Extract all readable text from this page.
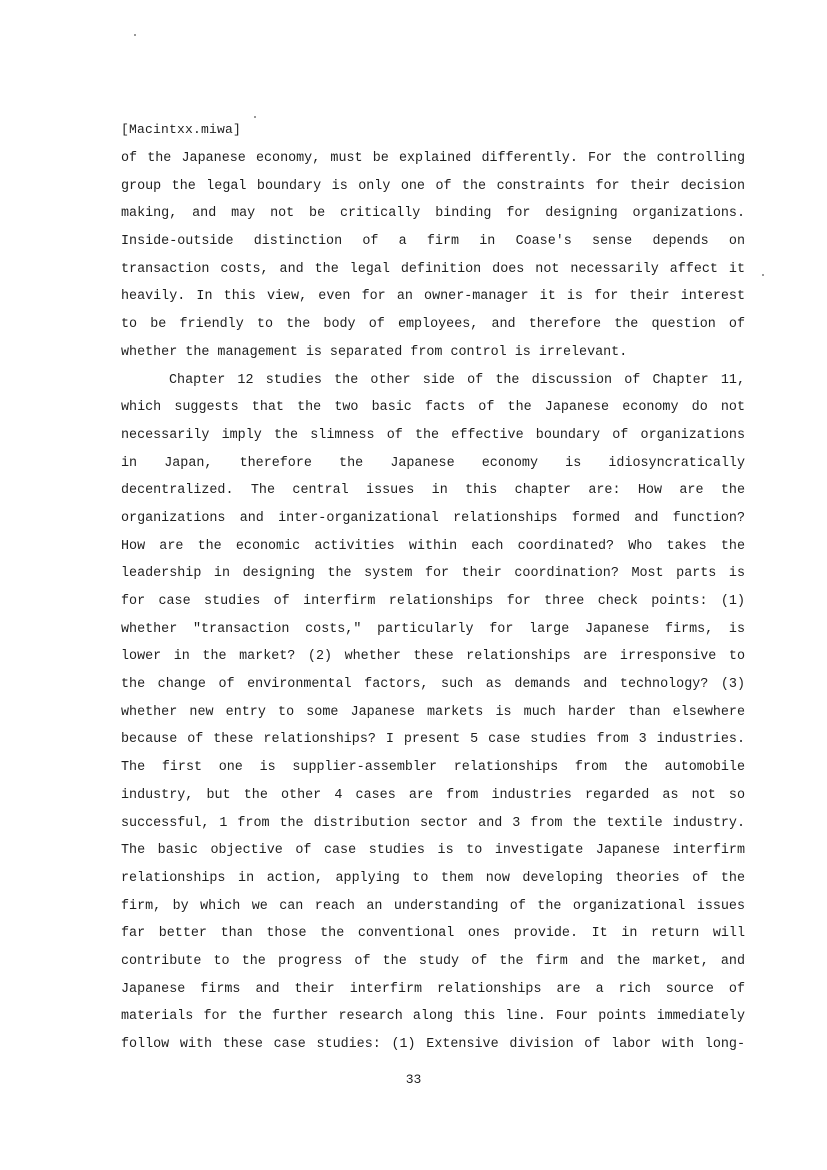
[Macintxx.miwa]
of the Japanese economy, must be explained differently. For the controlling
group the legal boundary is only one of the constraints for their decision
making, and may not be critically binding for designing organizations.
Inside-outside distinction of a firm in Coase's sense depends on
transaction costs, and the legal definition does not necessarily affect it
heavily. In this view, even for an owner-manager it is for their interest
to be friendly to the body of employees, and therefore the question of
whether the management is separated from control is irrelevant.
Chapter 12 studies the other side of the discussion of Chapter 11,
which suggests that the two basic facts of the Japanese economy do not
necessarily imply the slimness of the effective boundary of organizations
in Japan, therefore the Japanese economy is idiosyncratically
decentralized. The central issues in this chapter are: How are the
organizations and inter-organizational relationships formed and function?
How are the economic activities within each coordinated? Who takes the
leadership in designing the system for their coordination? Most parts is
for case studies of interfirm relationships for three check points: (1)
whether "transaction costs," particularly for large Japanese firms, is
lower in the market? (2) whether these relationships are irresponsive to
the change of environmental factors, such as demands and technology? (3)
whether new entry to some Japanese markets is much harder than elsewhere
because of these relationships? I present 5 case studies from 3 industries.
The first one is supplier-assembler relationships from the automobile
industry, but the other 4 cases are from industries regarded as not so
successful, 1 from the distribution sector and 3 from the textile industry.
The basic objective of case studies is to investigate Japanese interfirm
relationships in action, applying to them now developing theories of the
firm, by which we can reach an understanding of the organizational issues
far better than those the conventional ones provide. It in return will
contribute to the progress of the study of the firm and the market, and
Japanese firms and their interfirm relationships are a rich source of
materials for the further research along this line. Four points immediately
follow with these case studies: (1) Extensive division of labor with long-
33
